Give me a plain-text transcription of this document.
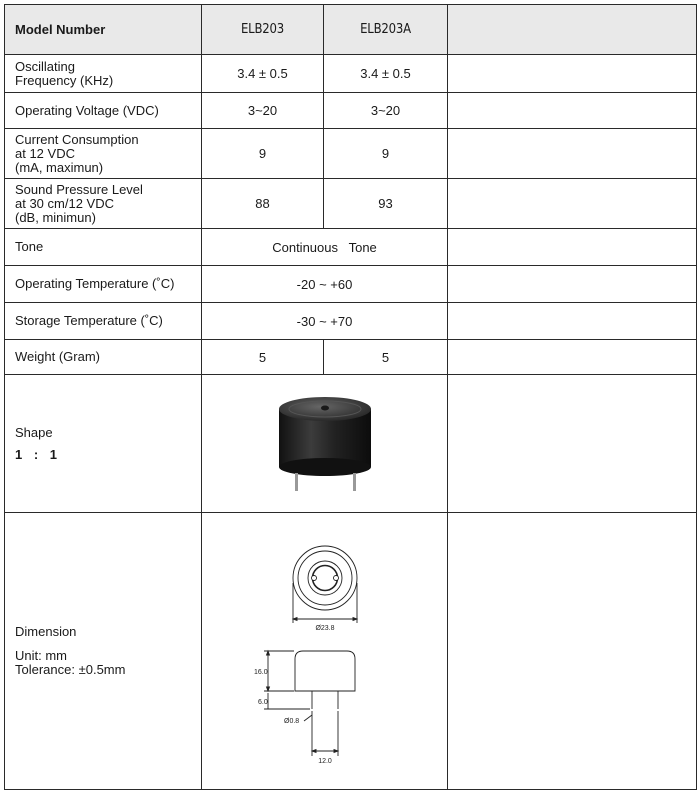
Model Number	ELB203	ELB203A	

Oscillating
Frequency (KHz)	3.4 ± 0.5	3.4 ± 0.5	
Operating Voltage (VDC)	3~20	3~20	

Current Consumption
at 12 VDC
(mA, maximun)	9	9	

Sound Pressure Level
at 30 cm/12 VDC
(dB, minimun)	88	93	
Tone	Continuous   Tone		
Operating Temperature (˚C)	-20 ~ +60		
Storage Temperature (˚C)	-30 ~ +70		
Weight (Gram)	5	5	

Shape
1 : 1

Dimension
Unit: mm
Tolerance: ±0.5mm	Ø23.8
16.0
6.0
Ø0.8
12.0		
